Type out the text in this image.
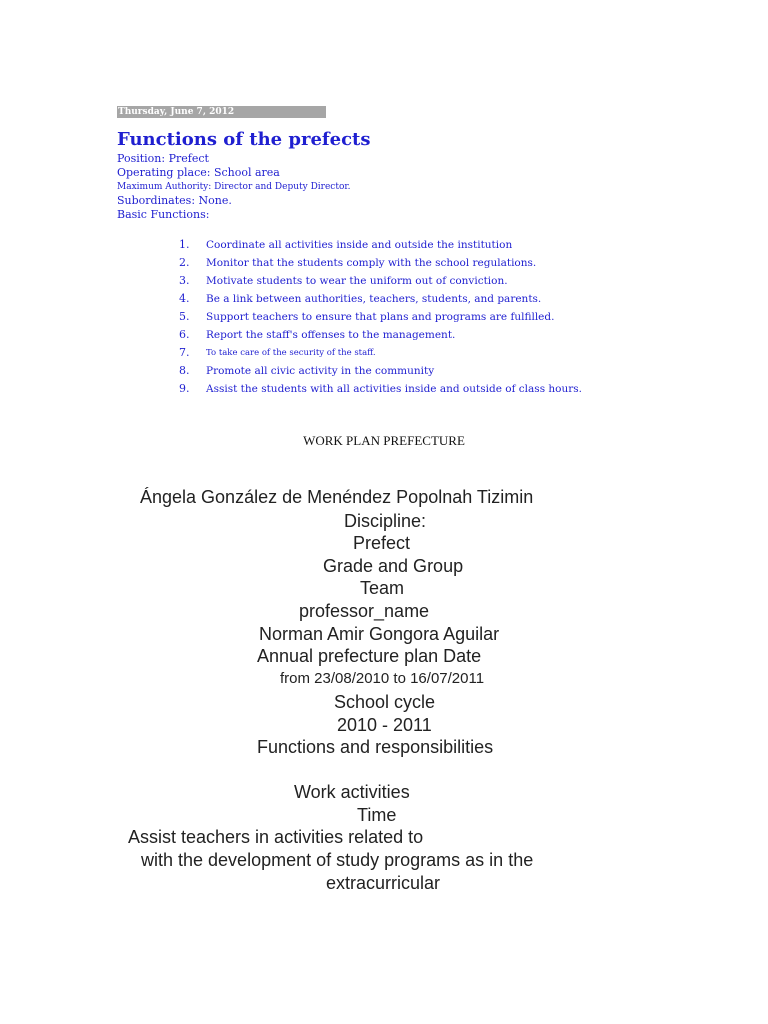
Thursday, June 7, 2012
Functions of the prefects
Position: Prefect
Operating place: School area
Maximum Authority: Director and Deputy Director.
Subordinates: None.
Basic Functions:
1.	Coordinate all activities inside and outside the institution
2.	Monitor that the students comply with the school regulations.
3.	Motivate students to wear the uniform out of conviction.
4.	Be a link between authorities, teachers, students, and parents.
5.	Support teachers to ensure that plans and programs are fulfilled.
6.	Report the staff's offenses to the management.
7.	To take care of the security of the staff.
8.	Promote all civic activity in the community
9.	Assist the students with all activities inside and outside of class hours.
WORK PLAN PREFECTURE
Ángela González de Menéndez Popolnah Tizimin
Discipline:
Prefect
Grade and Group
Team
professor_name
Norman Amir Gongora Aguilar
Annual prefecture plan Date
from 23/08/2010 to 16/07/2011
School cycle
2010 - 2011
Functions and responsibilities
Work activities
Time
Assist teachers in activities related to
with the development of study programs as in the
extracurricular
